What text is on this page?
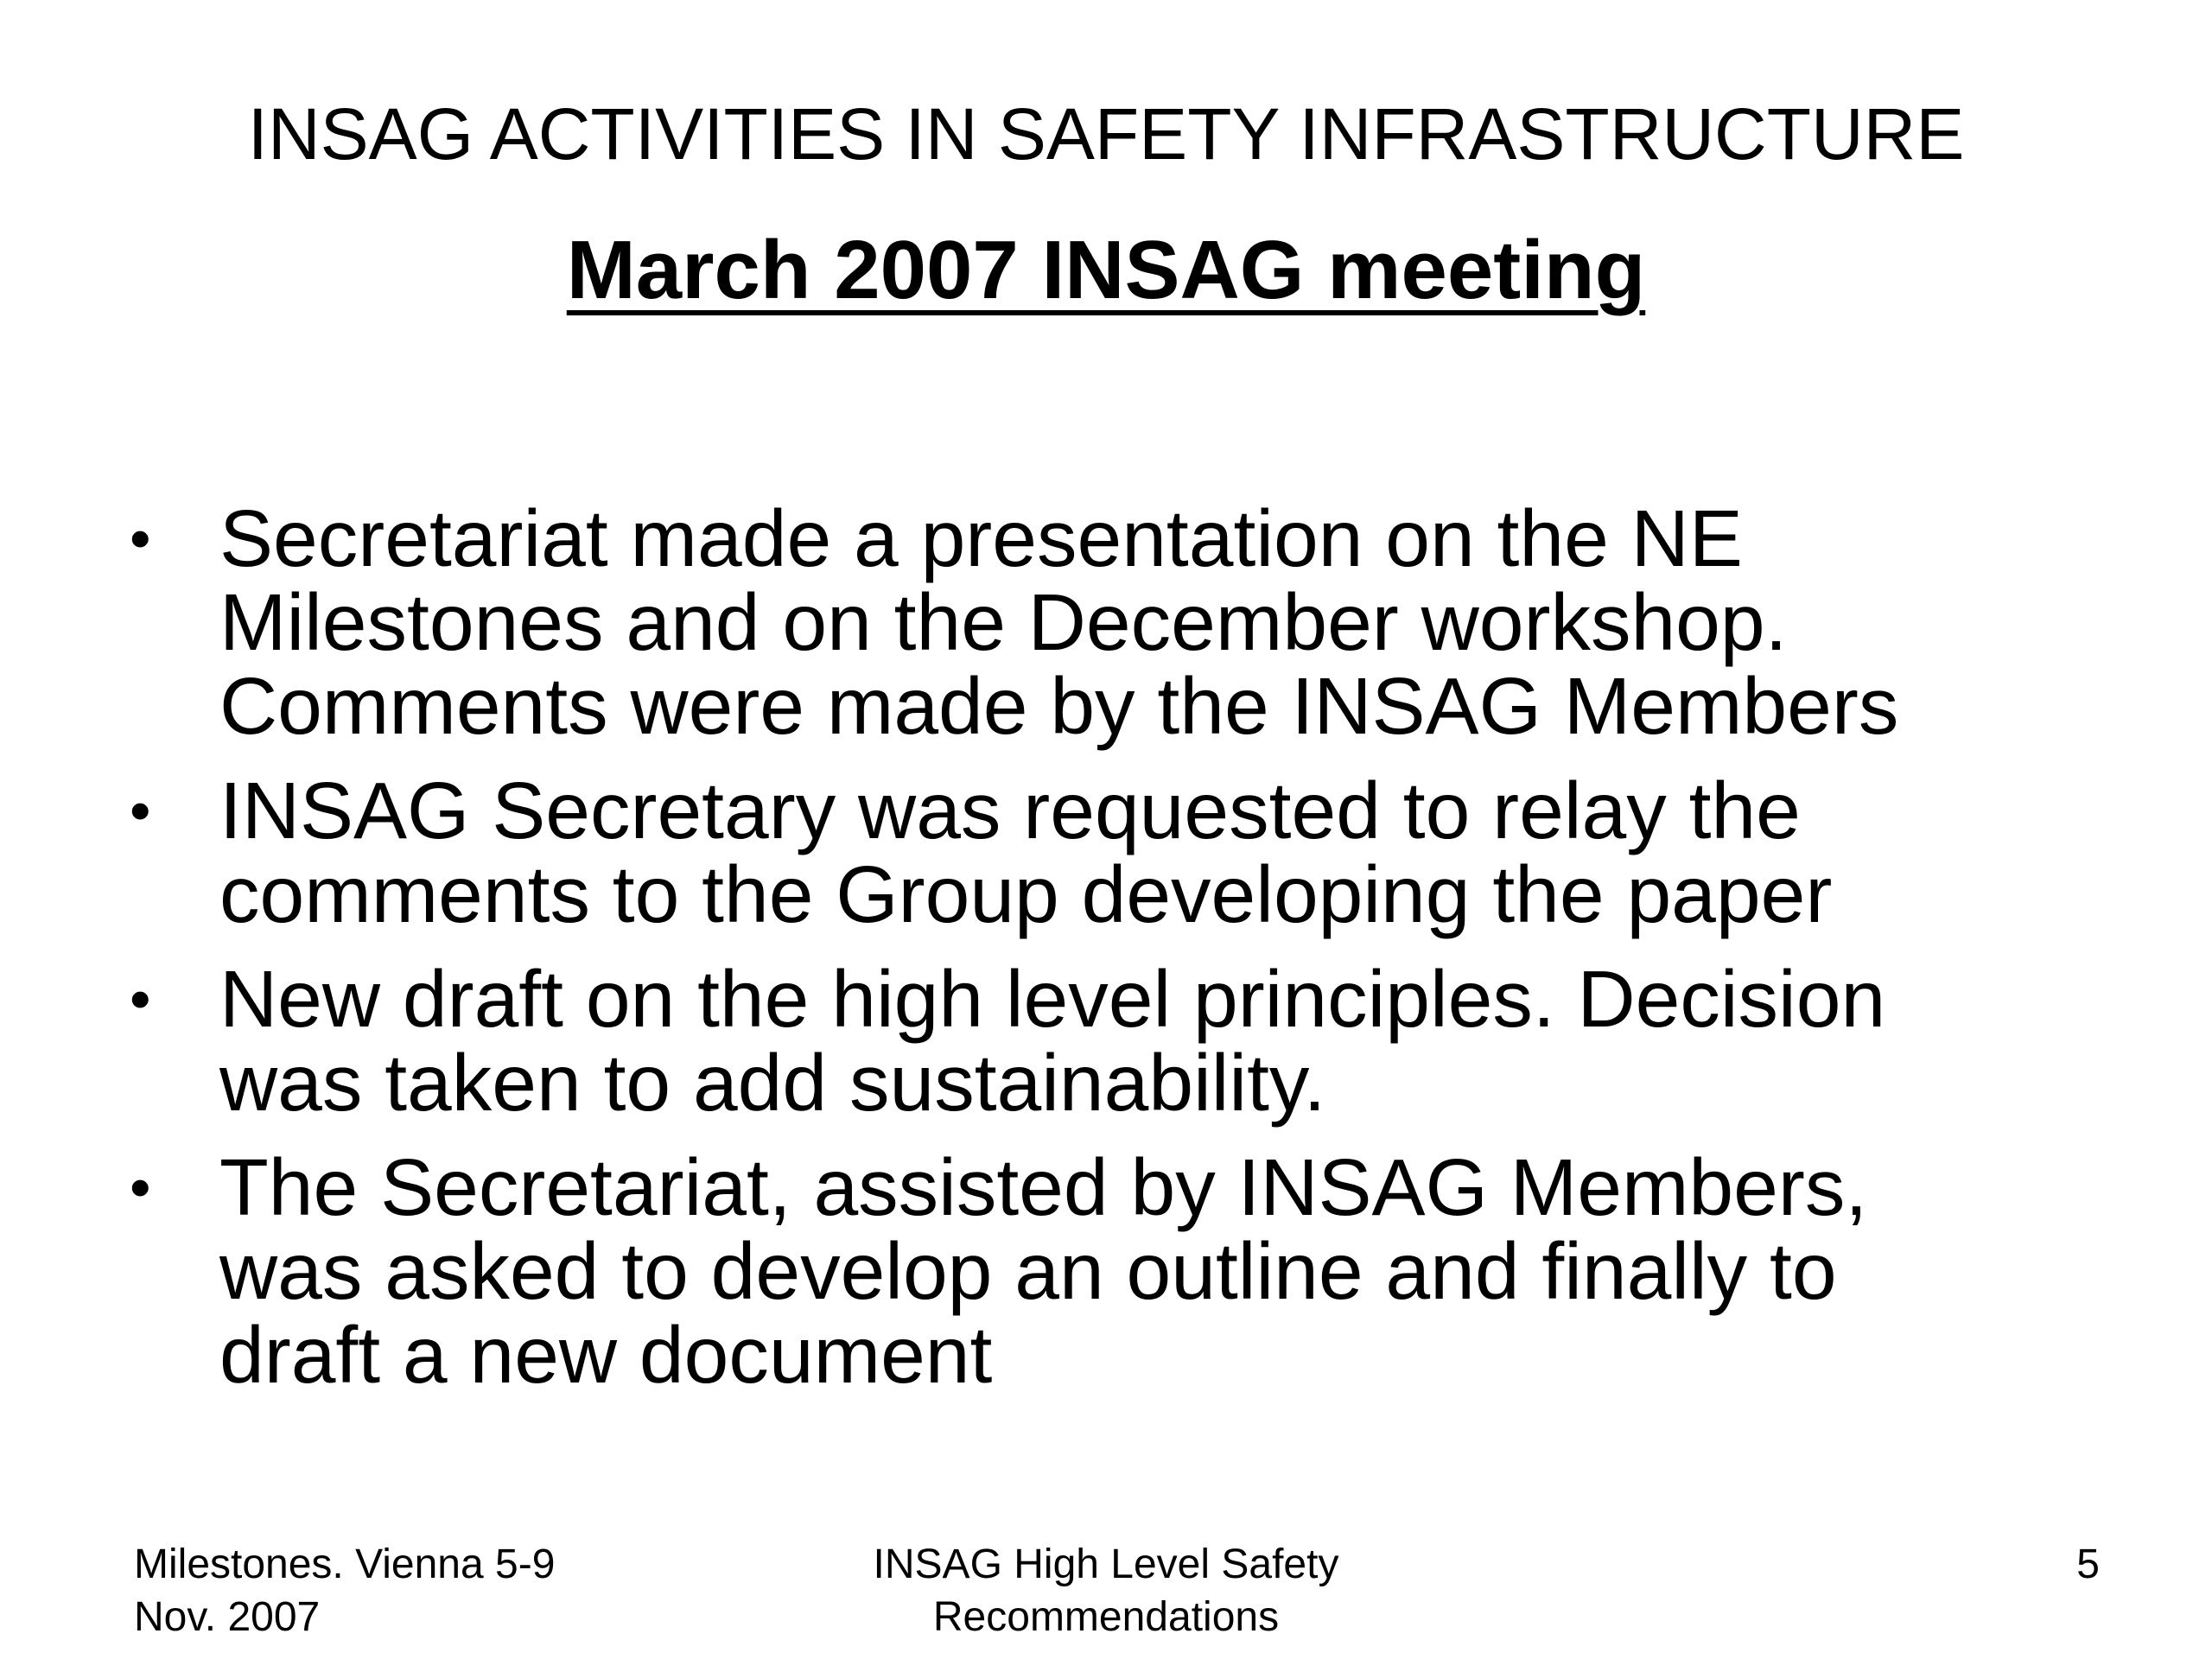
INSAG ACTIVITIES IN SAFETY INFRASTRUCTURE
March 2007 INSAG meeting
• Secretariat made a presentation on the NE
Milestones and on the December workshop.
Comments were made by the INSAG Members
• INSAG Secretary was requested to relay the
comments to the Group developing the paper
• New draft on the high level principles. Decision
was taken to add sustainability.
• The Secretariat, assisted by INSAG Members,
was asked to develop an outline and finally to
draft a new document
Milestones. Vienna 5-9
Nov. 2007
INSAG High Level Safety
Recommendations
5
